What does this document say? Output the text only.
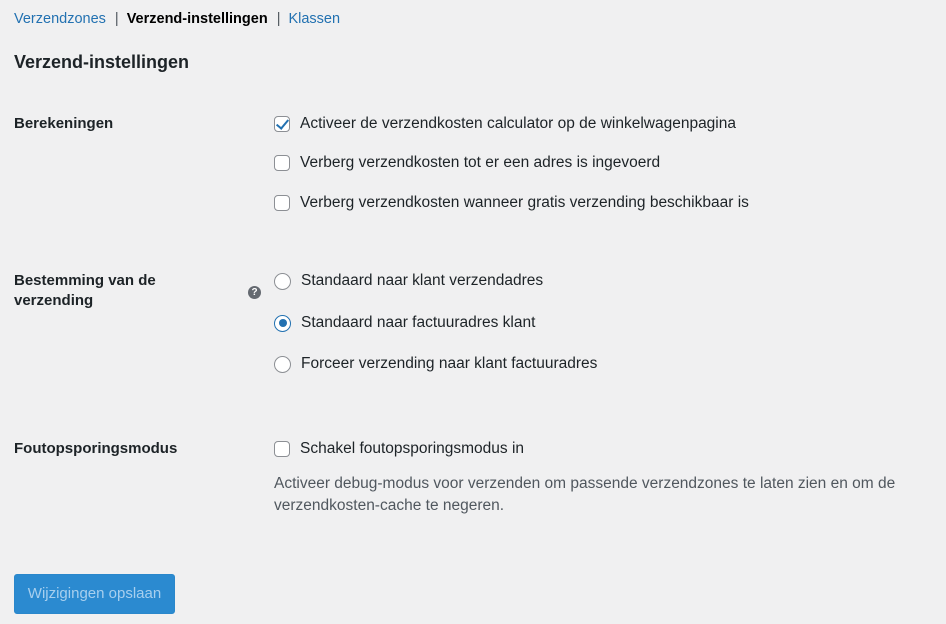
Verzendzones | Verzend-instellingen | Klassen
Verzend-instellingen
Berekeningen	Activeer de verzendkosten calculator op de winkelwagenpagina
Verberg verzendkosten tot er een adres is ingevoerd
Verberg verzendkosten wanneer gratis verzending beschikbaar is
Bestemming van de verzending	?
Standaard naar klant verzendadres
Standaard naar factuuradres klant
Forceer verzending naar klant factuuradres
Foutopsporingsmodus	Schakel foutopsporingsmodus in

Activeer debug-modus voor verzenden om passende verzendzones te laten zien en om de verzendkosten-cache te negeren.

Wijzigingen opslaan
